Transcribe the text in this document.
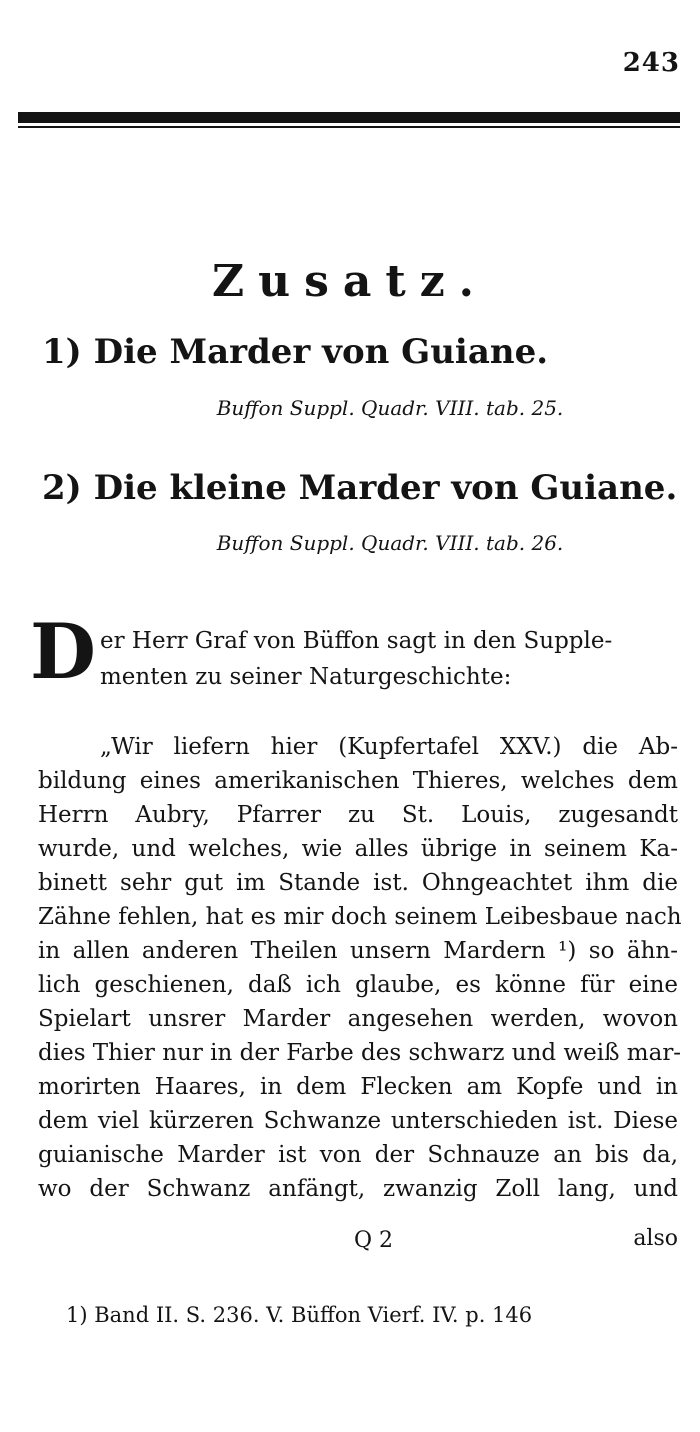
243
Zusatz.
1) Die Marder von Guiane.
Buffon Suppl. Quadr. VIII. tab. 25.
2) Die kleine Marder von Guiane.
Buffon Suppl. Quadr. VIII. tab. 26.
D er Herr Graf von Büffon sagt in den Supple-
menten zu seiner Naturgeschichte:
„Wir liefern hier (Kupfertafel XXV.) die Ab-
bildung eines amerikanischen Thieres, welches dem
Herrn Aubry, Pfarrer zu St. Louis, zugesandt
wurde, und welches, wie alles übrige in seinem Ka-
binett sehr gut im Stande ist. Ohngeachtet ihm die
Zähne fehlen, hat es mir doch seinem Leibesbaue nach
in allen anderen Theilen unsern Mardern ¹) so ähn-
lich geschienen, daß ich glaube, es könne für eine
Spielart unsrer Marder angesehen werden, wovon
dies Thier nur in der Farbe des schwarz und weiß mar-
morirten Haares, in dem Flecken am Kopfe und in
dem viel kürzeren Schwanze unterschieden ist. Diese
guianische Marder ist von der Schnauze an bis da,
wo der Schwanz anfängt, zwanzig Zoll lang, und
Q 2	also
1) Band II. S. 236. V. Büffon Vierf. IV. p. 146
